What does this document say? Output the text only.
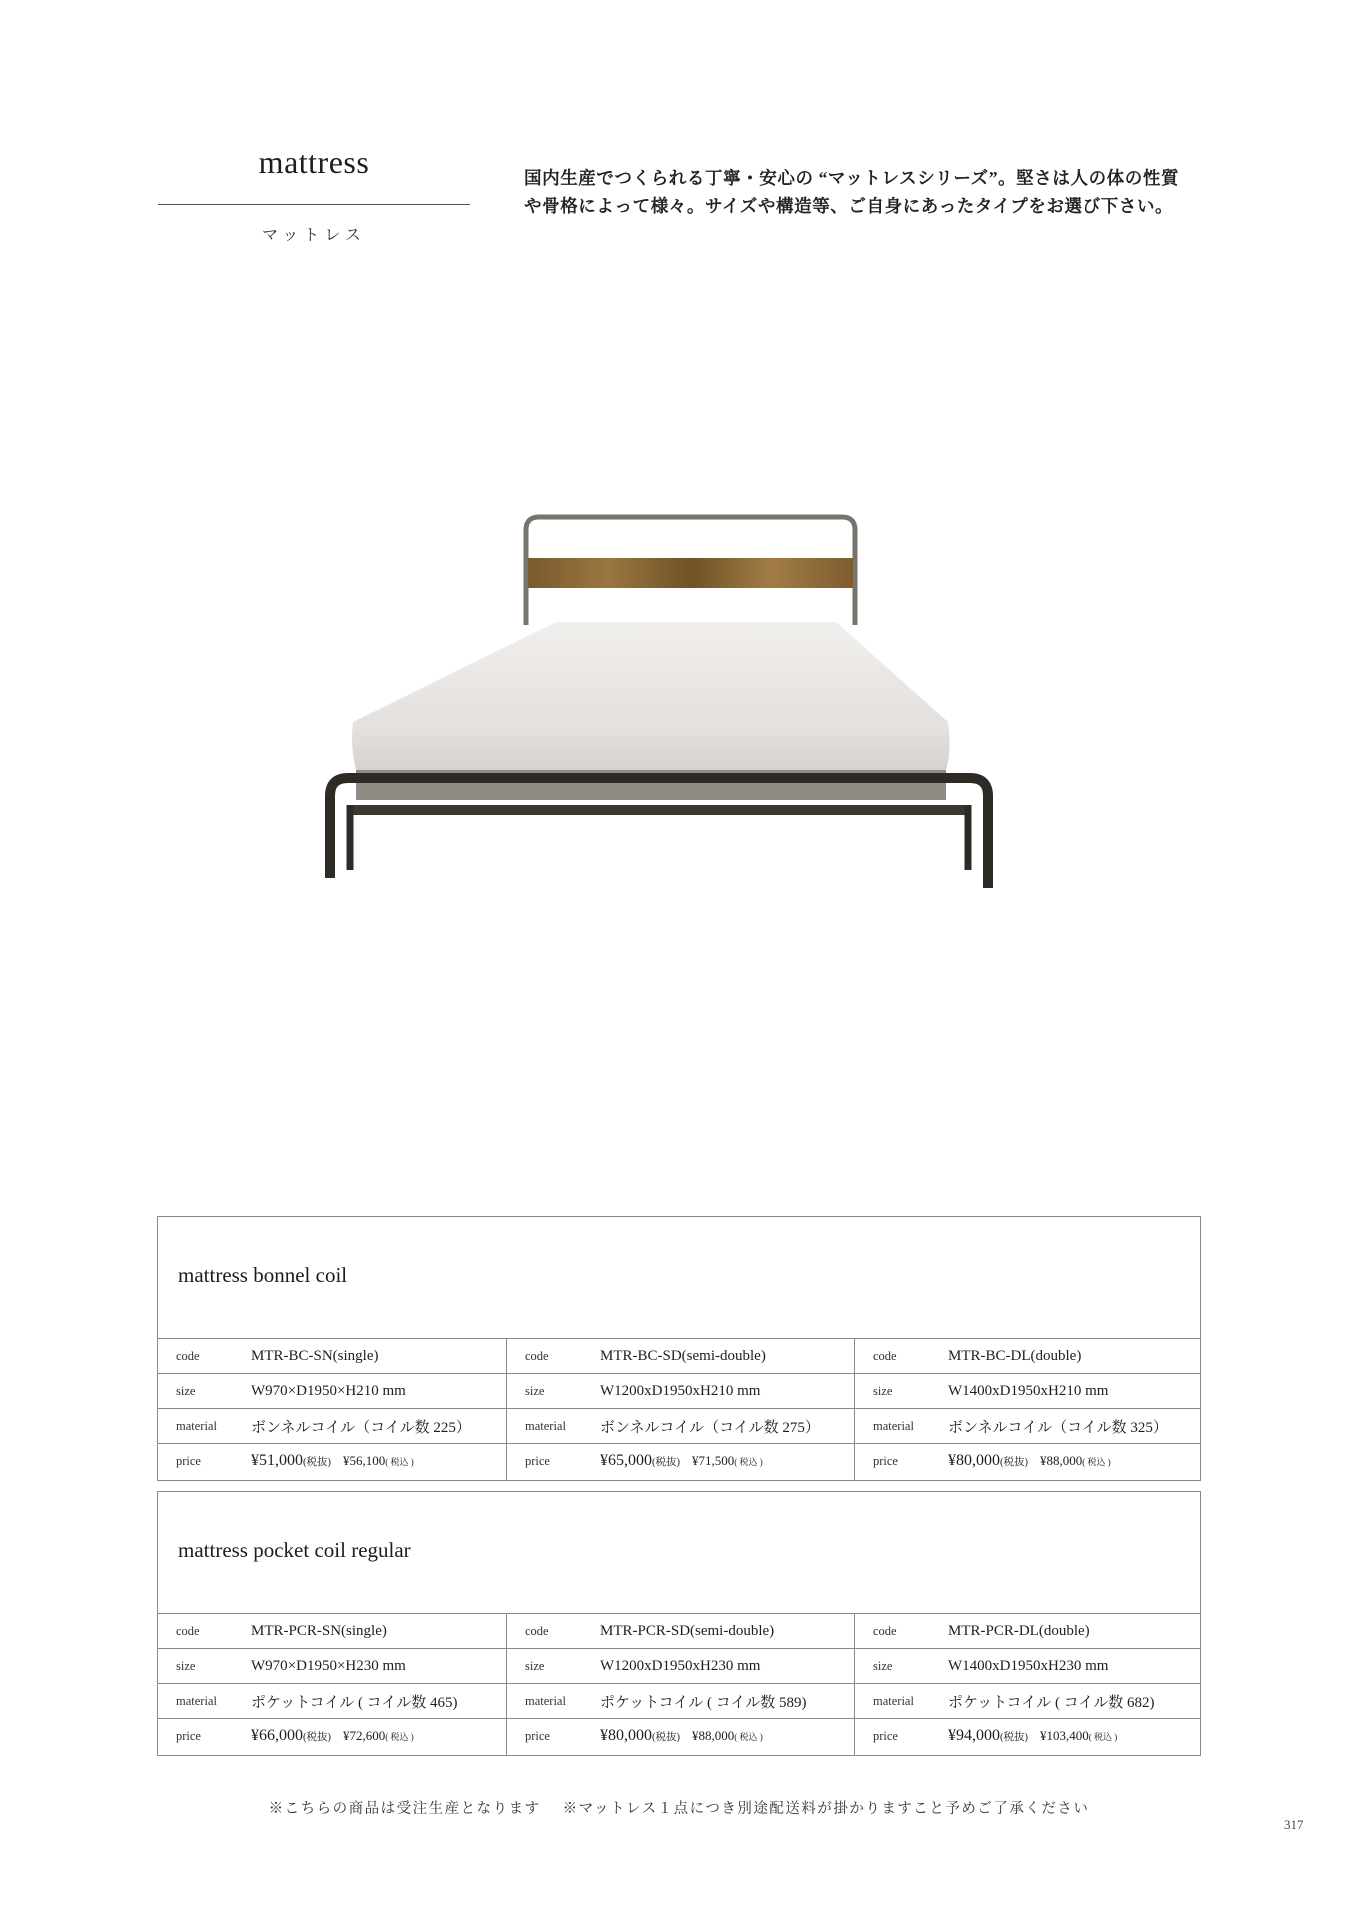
mattress
マットレス
国内生産でつくられる丁寧・安心の “マットレスシリーズ”。堅さは人の体の性質
や骨格によって様々。サイズや構造等、ご自身にあったタイプをお選び下さい。
mattress bonnel coil
code	MTR-BC-SN(single)
size	W970×D1950×H210 mm
material ボンネルコイル（コイル数 225）
price	¥51,000(税抜) ¥56,100( 税込 )
code	MTR-BC-SD(semi-double)
size	W1200xD1950xH210 mm
material ボンネルコイル（コイル数 275）
price	¥65,000(税抜) ¥71,500( 税込 )
code	MTR-BC-DL(double)
size	W1400xD1950xH210 mm
material ボンネルコイル（コイル数 325）
price	¥80,000(税抜) ¥88,000( 税込 )
mattress pocket coil regular
code	MTR-PCR-SN(single)
size	W970×D1950×H230 mm
material ポケットコイル ( コイル数 465)
price	¥66,000(税抜) ¥72,600( 税込 )
code	MTR-PCR-SD(semi-double)
size	W1200xD1950xH230 mm
material ポケットコイル ( コイル数 589)
price	¥80,000(税抜) ¥88,000( 税込 )
code	MTR-PCR-DL(double)
size	W1400xD1950xH230 mm
material ポケットコイル ( コイル数 682)
price	¥94,000(税抜) ¥103,400( 税込 )
※こちらの商品は受注生産となります ※マットレス１点につき別途配送料が掛かりますこと予めご了承ください
317
